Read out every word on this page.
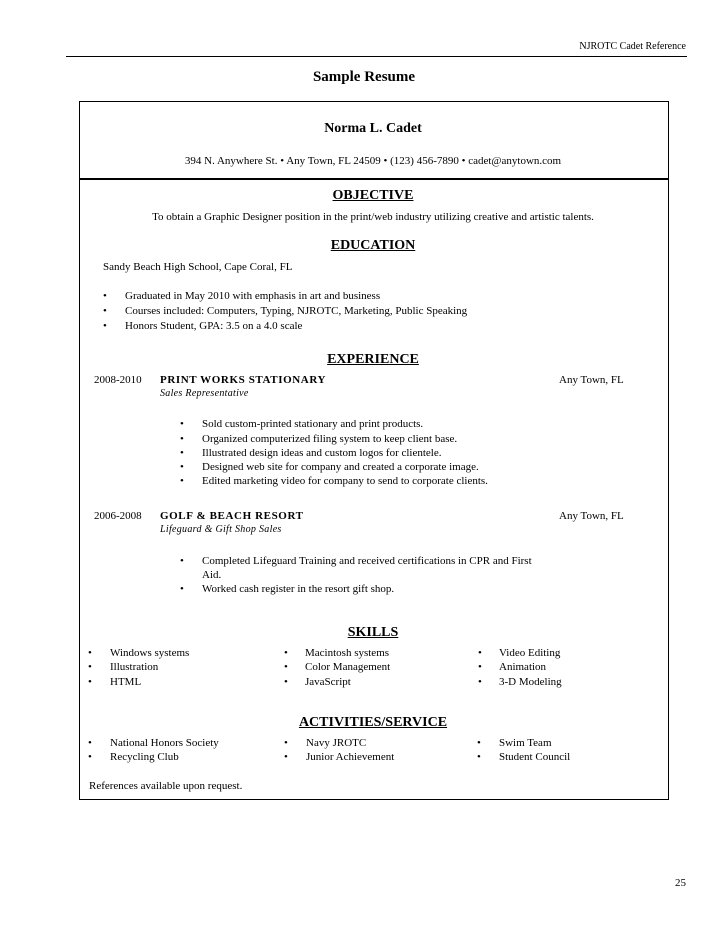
NJROTC Cadet Reference
Sample Resume
Norma L. Cadet
394 N. Anywhere St. • Any Town, FL 24509 • (123) 456-7890 • cadet@anytown.com
OBJECTIVE
To obtain a Graphic Designer position in the print/web industry utilizing creative and artistic talents.
EDUCATION
Sandy Beach High School, Cape Coral, FL
• Graduated in May 2010 with emphasis in art and business
• Courses included: Computers, Typing, NJROTC, Marketing, Public Speaking
• Honors Student, GPA: 3.5 on a 4.0 scale
EXPERIENCE
2008-2010 PRINT WORKS STATIONARY	Any Town, FL
Sales Representative
• Sold custom-printed stationary and print products.
• Organized computerized filing system to keep client base.
• Illustrated design ideas and custom logos for clientele.
• Designed web site for company and created a corporate image.
• Edited marketing video for company to send to corporate clients.
2006-2008 GOLF & BEACH RESORT	Any Town, FL
Lifeguard & Gift Shop Sales
• Completed Lifeguard Training and received certifications in CPR and First
Aid.
• Worked cash register in the resort gift shop.
SKILLS
• Windows systems
• Illustration
• HTML
• Macintosh systems
• Color Management
• JavaScript
• Video Editing
• Animation
• 3-D Modeling
ACTIVITIES/SERVICE
• National Honors Society
• Recycling Club
• Navy JROTC
• Junior Achievement
• Swim Team
• Student Council
References available upon request.
25
